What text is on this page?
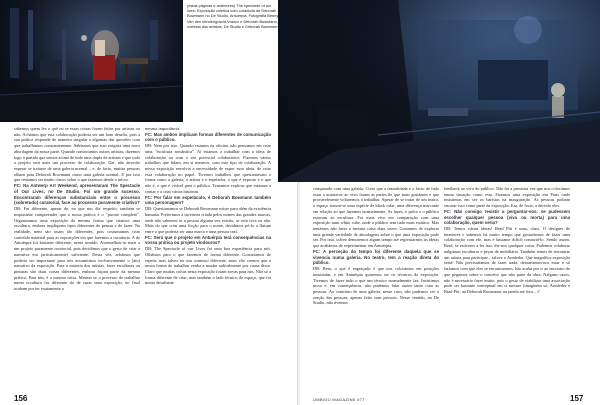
(estas páginas e anteriores) The spectacle of our lives: Exposição coletiva com curadoria de Deborah Bowmann no De Studio, Antuérpia. Fotografia Benny Van den Meulengracht-Vrancx e Deborah Bowmann, cortesia dos artistas, De Studio e Deborah Bowmann

sabemos quem fez o quê ou se essas coisas foram feitas por artistas ou não. Achámos que esta colaboração poderia ser um bom desafio, pois a sua prática responde de maneira singular a algumas das questões com que trabalhamos constantemente. Sabíamos que isso exigiria uma nova abordagem da nossa parte. Quando contactamos outros artistas, dizemos logo à partida que somos acima de tudo uma dupla de artistas e que todo o projeto será mais um processo de colaboração. Daí, não deverão esperar se tratasse de uma galeria normal – e, de facto, muitas pessoas olham para Deborah Bowmann como uma galeria normal. E por isso que tentamos ser muito claros sobre o que fazemos desde o início.

FC: Na Antwerp Art Weekend, apresentaram The Spectacle of Our Lives, no De Studio. Foi um grande sucesso. Encontraram diferenças substanciais entre o processo (sobretudo) curatorial, face ao processo puramente criativo?

DB: Foi diferente, apesar de, no que nos diz respeito, também se importante compreender que a nossa prática é o "pacote completo". Organizamos uma exposição da mesma forma que criamos uma escultura, embora impliquem tipos diferentes de pensar e de fazer. Na realidade, nem são assim tão diferentes, pois costumamos criar conteúdo material para as exposições em que fazemos a curadoria. A de Antuérpia foi bastante diferente, nesse sentido. Assemelhou-se mais a um projeto puramente curatorial, pois decidimos que o gesto de criar a narrativa era (artisticamente) suficiente. Desta vez, achámos que poderia ser importante para nós assumirmos exclusivamente o (ato) narrativo da exposição. Para a maioria dos artistas, fazer esculturas ou pinturas são duas coisas diferentes, embora façam parte da mesma prática. Para nós, é a mesma coisa. Mesmo se o processo de trabalhar numa escultura for diferente do de curar uma exposição, no final acabam por ter exatamente a

mesma importância.

FC: Mas ambos implicam formas diferentes de comunicação com o público.

DB: Nem por isso. Quando estamos na oficina, não pensamos em criar uma "escultura romântica". Aí estamos a trabalhar com a ideia de colaboração ou com o seu potencial colaborativo. Fizemos vários trabalhos que lidam, em si mesmos, com este tipo de colaboração. A nossa exposição envolvia a necessidade de expor essa ideia, de criar essa colaboração no papel. Tivemos trabalhos que questionavam a forma como a galeria, o artista e o espetador, o que é exposto e o que não é, o que é visível para o público. Tentamos explicar que estamos a contar e a criar várias histórias.

FC: Por falar em espetáculo, é Deborah Bowmann também uma personagem?

DB: Questionamos se Deborah Bowmann existe para além da existência humana. Preferimos a incerteza criada pelos nomes das grandes marcas, onde não sabemos se a pessoa alguma vez existiu, se está viva ou não. Mais do que criar uma ficção para o nome, decidimos pô-lo a flutuar entre o que poderia ser uma marca e uma pessoa real.

FC: Será que o projeto em Antuérpia terá consequências na vossa prática ou projeto vindouros?

DB: The Spectacle of our Lives foi uma boa experiência para nós. Olhámos para o que fazemos de forma diferente. Gostaríamos de repetir, mas talvez ter um contexto diferente, mais vão cremos que a nossa forma de trabalhar venha a mudar radicalmente por causa disso. Claro que muitas coisas nesta exposição foram novas para nós. Não só a forma diferente de criar, mas também o lado técnico do espaço, que foi muito desafiante

156

comparado com uma galeria. Creio que a teatralidade e o facto de tudo estar a acontecer ao vivo foram as partes de que mais gostámos e que provavelmente voltaremos a trabalhar. Apesar de se tratar de um teatro, o espaço tornou-se uma espécie de black cube, uma diferença marcante em relação ao que fazemos normalmente. As luzes, o palco e o público estavam ao escultura. Foi mais vivo em comparação com uma exposição num white cube, onde o público tem tudo mais estático. Mas tentámos não fazer a mesma coisa duas vezes. Gostamos de explorar uma grande variedade de abordagens sobre o que uma exposição pode ser. Por isso, talvez demoremos algum tempo até regressarmos às ideias que acabámos de experimentar em Antuérpia.

FC: A perceção do tempo foi diferente daquela que se vivencia numa galeria. No teatro, tem a reação direta do público.

DB: Bem, o que é engraçado é que nos colocamos em posições inusitadas, e em Antuérpia quisemos ser os técnicos da exposição. Tivemos de fazer tudo o que um técnico normalmente faz. Insistimos nisso e, em consequência, não pudemos falar assim tanto com as pessoas. Ao contrário de uma galeria, nesse caso, não pudemos ver a reação das pessoas, apenas falar com pessoas. Nesse sentido, no De Studio, não tivemos

feedback ao vivo do público. Não foi a primeira vez que nos colocámos numa situação como esta. Fizemos uma exposição em Paris onde insistimos em ser os baristas na inauguração. As pessoas podiam encarar isso como parte da exposição. Era, de facto, a decisão eles.

FC: Não consigo resistir a perguntar-vos: se pudessem escolher qualquer pessoa (viva ou morta) para uma colaboração, quem seria?

DB: Temos várias ideias! Brad Pitt é uma, claro. O designer de interiores e sabemos há muito tempo que gostaríamos de fazer uma colaboração com ele, mas é bastante difícil contactá-lo. Sendo assim, Brad, se estiveres a ler isto, diz-nos qualquer coisa. Podemos colaborar nalgumas esculturas e peças de mobiliário. Também temos de encontrar um artista para participar... talvez o Armleder. Que magnífica exposição seria! Não precisaríamos de fazer nada, deixaríamos-nos estar e só faríamos com que eles se encontrassem. Isto acaba por ir ao encontro do que pegamos sobre o conceito que não parte da obra. Nalguns casos, não é necessário fazer muito, pois o gesto de viabilizar uma associação pode ser bastante conceptual em si mesmo (imaginem só, Armleder e Brad Pitt, na Deborah Bowmann, na janela até fora... //

UMBIGO MAGAZINE #77	157
